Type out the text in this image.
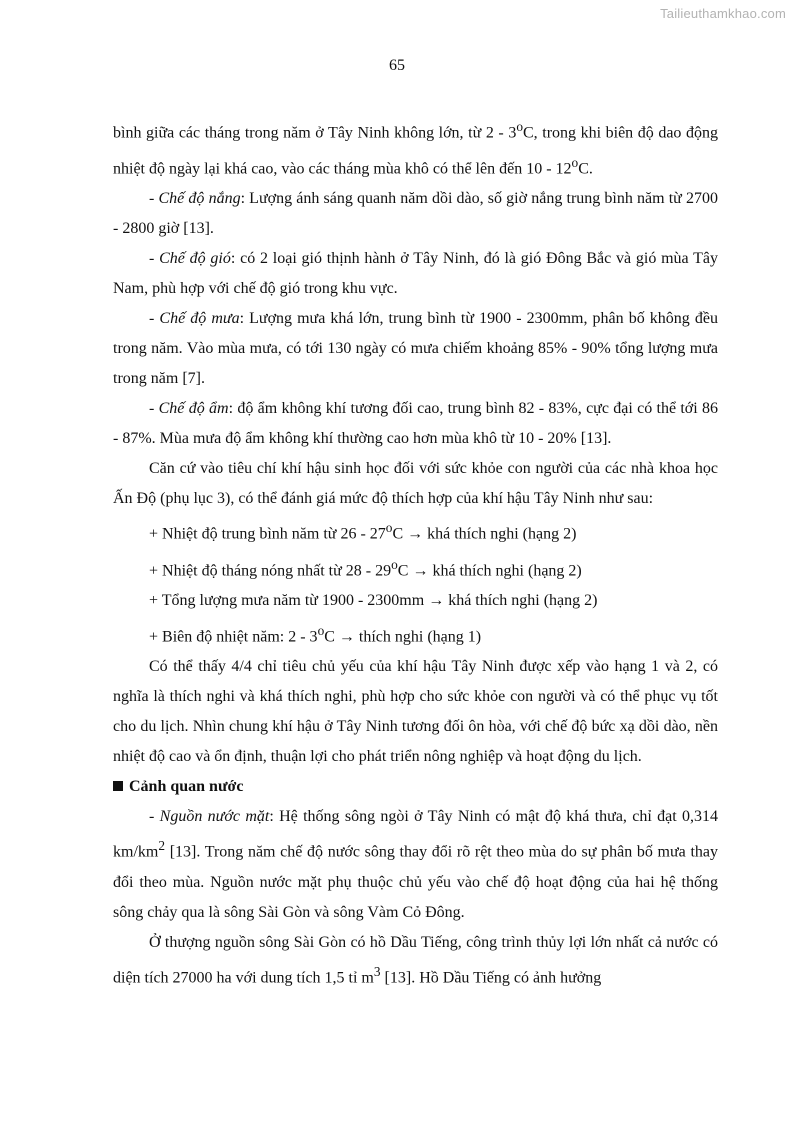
Tailieuthamkhao.com
65

bình giữa các tháng trong năm ở Tây Ninh không lớn, từ 2 - 3$^o$C, trong khi biên độ dao động nhiệt độ ngày lại khá cao, vào các tháng mùa khô có thể lên đến 10 - 12$^o$C.

- Chế độ nắng: Lượng ánh sáng quanh năm dồi dào, số giờ nắng trung bình năm từ 2700 - 2800 giờ [13].

- Chế độ gió: có 2 loại gió thịnh hành ở Tây Ninh, đó là gió Đông Bắc và gió mùa Tây Nam, phù hợp với chế độ gió trong khu vực.

- Chế độ mưa: Lượng mưa khá lớn, trung bình từ 1900 - 2300mm, phân bố không đều trong năm. Vào mùa mưa, có tới 130 ngày có mưa chiếm khoảng 85% - 90% tổng lượng mưa trong năm [7].

- Chế độ ẩm: độ ẩm không khí tương đối cao, trung bình 82 - 83%, cực đại có thể tới 86 - 87%. Mùa mưa độ ẩm không khí thường cao hơn mùa khô từ 10 - 20% [13].

Căn cứ vào tiêu chí khí hậu sinh học đối với sức khỏe con người của các nhà khoa học Ấn Độ (phụ lục 3), có thể đánh giá mức độ thích hợp của khí hậu Tây Ninh như sau:

+ Nhiệt độ trung bình năm từ $26 - 27^oC$ → khá thích nghi (hạng 2)

+ Nhiệt độ tháng nóng nhất từ $28 - 29^oC$ → khá thích nghi (hạng 2)

+ Tổng lượng mưa năm từ 1900 - 2300mm → khá thích nghi (hạng 2)

+ Biên độ nhiệt năm: $2 - 3^oC$ → thích nghi (hạng 1)

Có thể thấy 4/4 chỉ tiêu chủ yếu của khí hậu Tây Ninh được xếp vào hạng 1 và 2, có nghĩa là thích nghi và khá thích nghi, phù hợp cho sức khỏe con người và có thể phục vụ tốt cho du lịch. Nhìn chung khí hậu ở Tây Ninh tương đối ôn hòa, với chế độ bức xạ dồi dào, nền nhiệt độ cao và ổn định, thuận lợi cho phát triển nông nghiệp và hoạt động du lịch.

Cảnh quan nước

- Nguồn nước mặt: Hệ thống sông ngòi ở Tây Ninh có mật độ khá thưa, chỉ đạt 0,314 $km/km^2$ [13]. Trong năm chế độ nước sông thay đổi rõ rệt theo mùa do sự phân bố mưa thay đổi theo mùa. Nguồn nước mặt phụ thuộc chủ yếu vào chế độ hoạt động của hai hệ thống sông chảy qua là sông Sài Gòn và sông Vàm Cỏ Đông.

Ở thượng nguồn sông Sài Gòn có hồ Dầu Tiếng, công trình thủy lợi lớn nhất cả nước có diện tích 27000 ha với dung tích 1,5 tỉ $m^3$ [13]. Hồ Dầu Tiếng có ảnh hưởng
